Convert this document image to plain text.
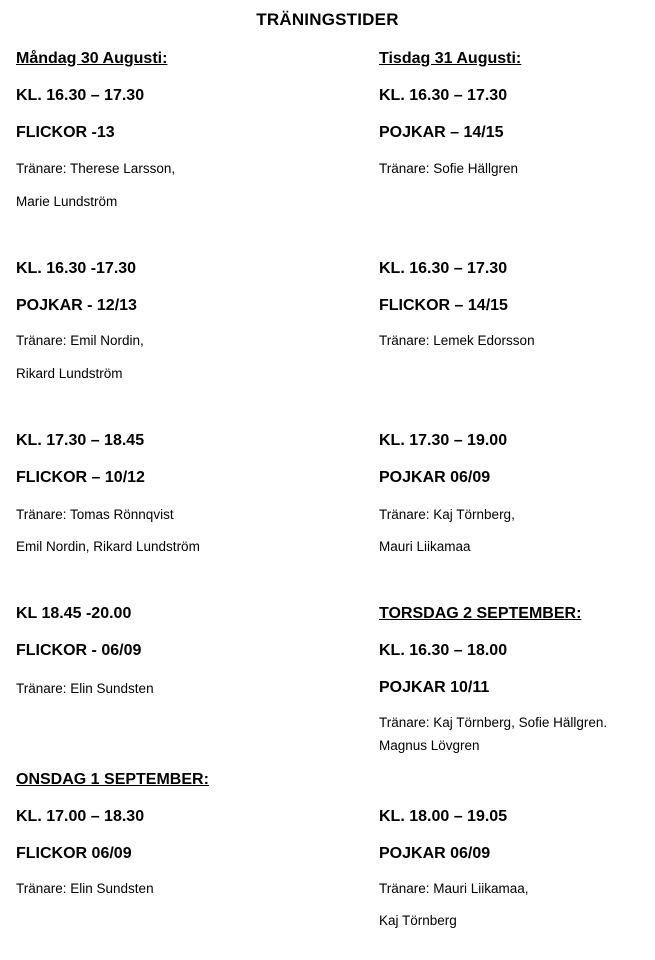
TRÄNINGSTIDER
Måndag 30 Augusti:
KL. 16.30 – 17.30
FLICKOR -13
Tränare: Therese Larsson,
Marie Lundström
KL. 16.30 -17.30
POJKAR - 12/13
Tränare: Emil Nordin,
Rikard Lundström
KL. 17.30 – 18.45
FLICKOR – 10/12
Tränare: Tomas Rönnqvist
Emil Nordin, Rikard Lundström
KL 18.45 -20.00
FLICKOR - 06/09
Tränare: Elin Sundsten
ONSDAG 1 SEPTEMBER:
KL. 17.00 – 18.30
FLICKOR 06/09
Tränare: Elin Sundsten
Tisdag 31 Augusti:
KL. 16.30 – 17.30
POJKAR – 14/15
Tränare: Sofie Hällgren
KL. 16.30 – 17.30
FLICKOR – 14/15
Tränare: Lemek Edorsson
KL. 17.30 – 19.00
POJKAR 06/09
Tränare: Kaj Törnberg,
Mauri Liikamaa
TORSDAG 2 SEPTEMBER:
KL. 16.30 – 18.00
POJKAR 10/11
Tränare: Kaj Törnberg, Sofie Hällgren.
Magnus Lövgren
KL. 18.00 – 19.05
POJKAR 06/09
Tränare: Mauri Liikamaa,
Kaj Törnberg
